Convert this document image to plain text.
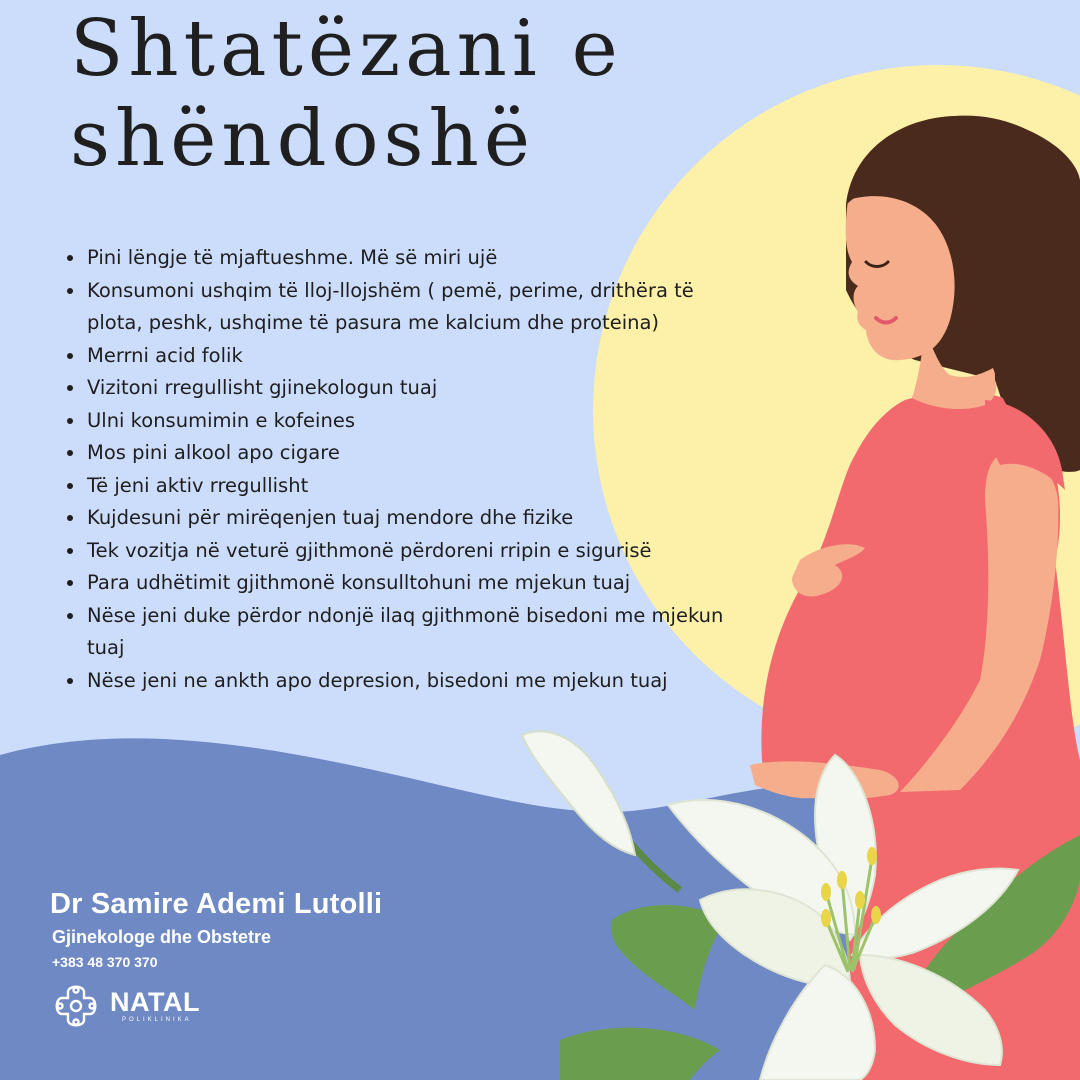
Shtatëzani e
shëndoshë
• Pini lëngje të mjaftueshme. Më së miri ujë
• Konsumoni ushqim të lloj-llojshëm ( pemë, perime, drithëra të plota, peshk, ushqime të pasura me kalcium dhe proteina)
• Merrni acid folik
• Vizitoni rregullisht gjinekologun tuaj
• Ulni konsumimin e kofeines
• Mos pini alkool apo cigare
• Të jeni aktiv rregullisht
• Kujdesuni për mirëqenjen tuaj mendore dhe fizike
• Tek vozitja në veturë gjithmonë përdoreni rripin e sigurisë
• Para udhëtimit gjithmonë konsulltohuni me mjekun tuaj
• Nëse jeni duke përdor ndonjë ilaq gjithmonë bisedoni me mjekun tuaj
• Nëse jeni ne ankth apo depresion, bisedoni me mjekun tuaj
Dr Samire Ademi Lutolli
Gjinekologe dhe Obstetre
+383 48 370 370
NATAL
POLIKLINIKA
